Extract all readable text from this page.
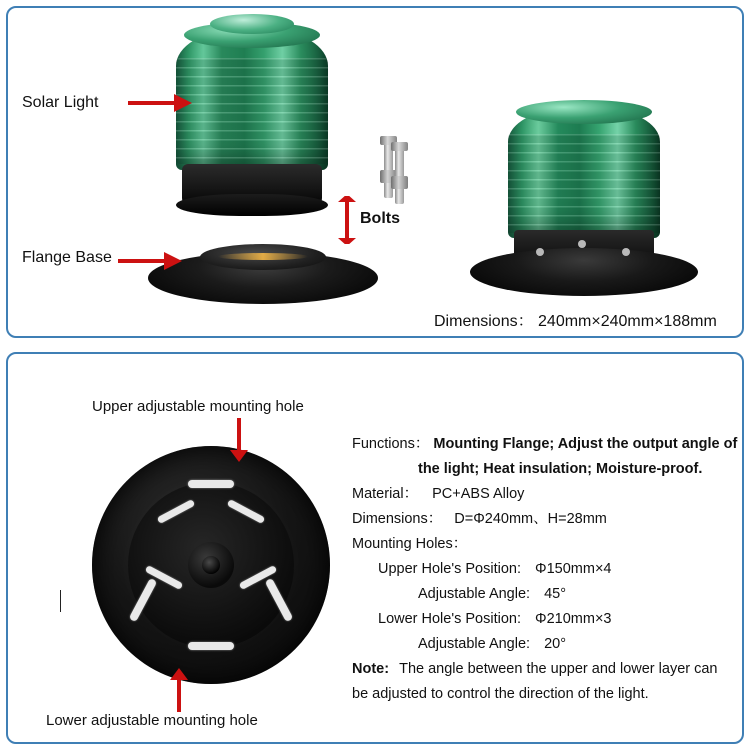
Solar Light
Bolts
Flange Base
Dimensions： 240mm×240mm×188mm
Upper adjustable mounting hole
Lower adjustable mounting hole
Functions： Mounting Flange; Adjust the output angle of
the light; Heat insulation; Moisture-proof.
Material： PC+ABS Alloy
Dimensions： D=Φ240mm、H=28mm
Mounting Holes：
Upper Hole's Position: Φ150mm×4
Adjustable Angle: 45°
Lower Hole's Position: Φ210mm×3
Adjustable Angle: 20°
Note: The angle between the upper and lower layer can
be adjusted to control the direction of the light.
